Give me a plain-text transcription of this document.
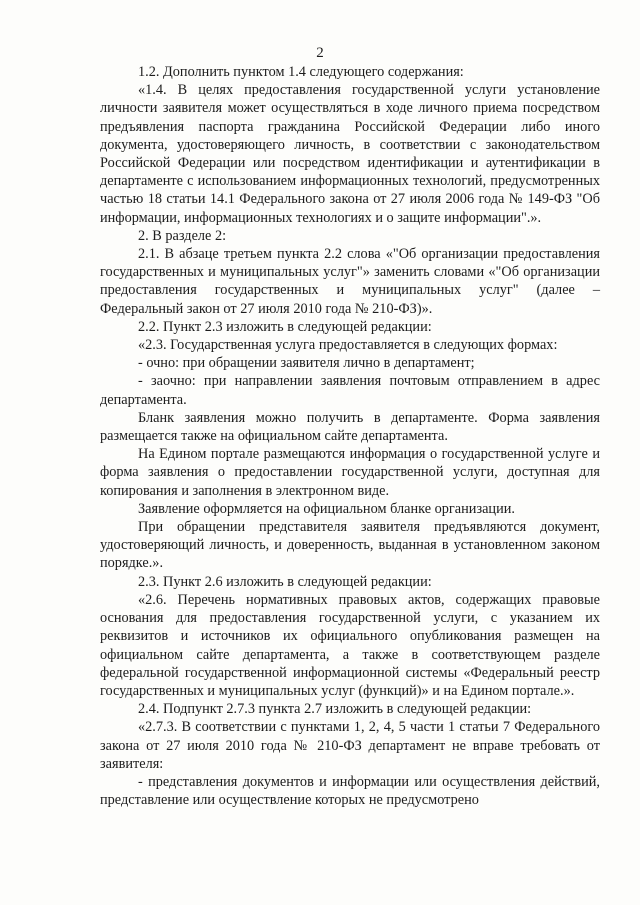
2

1.2. Дополнить пунктом 1.4 следующего содержания:

«1.4. В целях предоставления государственной услуги установление личности заявителя может осуществляться в ходе личного приема посредством предъявления паспорта гражданина Российской Федерации либо иного документа, удостоверяющего личность, в соответствии с законодательством Российской Федерации или посредством идентификации и аутентификации в департаменте с использованием информационных технологий, предусмотренных частью 18 статьи 14.1 Федерального закона от 27 июля 2006 года № 149-ФЗ "Об информации, информационных технологиях и о защите информации".».

2. В разделе 2:

2.1. В абзаце третьем пункта 2.2 слова «"Об организации предоставления государственных и муниципальных услуг"» заменить словами «"Об организации предоставления государственных и муниципальных услуг" (далее – Федеральный закон от 27 июля 2010 года № 210-ФЗ)».

2.2. Пункт 2.3 изложить в следующей редакции:

«2.3. Государственная услуга предоставляется в следующих формах:

- очно: при обращении заявителя лично в департамент;

- заочно: при направлении заявления почтовым отправлением в адрес департамента.

Бланк заявления можно получить в департаменте. Форма заявления размещается также на официальном сайте департамента.

На Едином портале размещаются информация о государственной услуге и форма заявления о предоставлении государственной услуги, доступная для копирования и заполнения в электронном виде.

Заявление оформляется на официальном бланке организации.

При обращении представителя заявителя предъявляются документ, удостоверяющий личность, и доверенность, выданная в установленном законом порядке.».

2.3. Пункт 2.6 изложить в следующей редакции:

«2.6. Перечень нормативных правовых актов, содержащих правовые основания для предоставления государственной услуги, с указанием их реквизитов и источников их официального опубликования размещен на официальном сайте департамента, а также в соответствующем разделе федеральной государственной информационной системы «Федеральный реестр государственных и муниципальных услуг (функций)» и на Едином портале.».

2.4. Подпункт 2.7.3 пункта 2.7 изложить в следующей редакции:

«2.7.3. В соответствии с пунктами 1, 2, 4, 5 части 1 статьи 7 Федерального закона от 27 июля 2010 года № 210-ФЗ департамент не вправе требовать от заявителя:

- представления документов и информации или осуществления действий, представление или осуществление которых не предусмотрено
